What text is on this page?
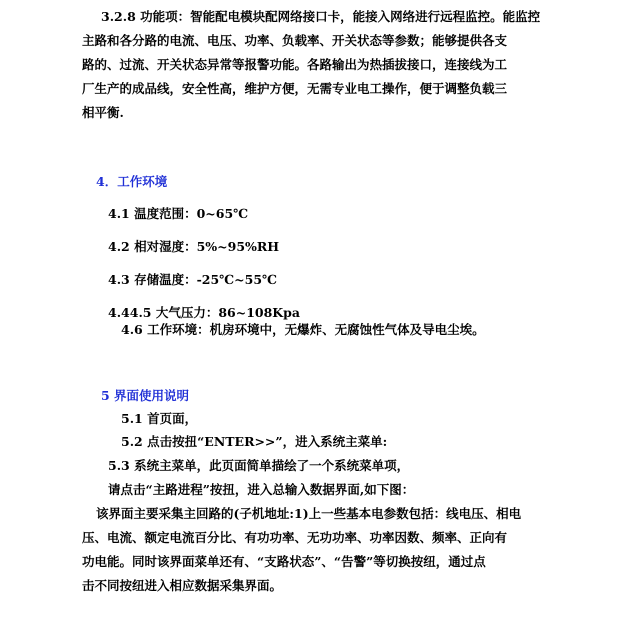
3.2.8 功能项：智能配电模块配网络接口卡，能接入网络进行远程监控。能监控
主路和各分路的电流、电压、功率、负载率、开关状态等参数；能够提供各支
路的、过流、开关状态异常等报警功能。各路输出为热插拔接口，连接线为工
厂生产的成品线，安全性高，维护方便，无需专业电工操作，便于调整负载三
相平衡.
4．工作环境
4.1 温度范围：0~65℃
4.2 相对湿度：5%~95%RH
4.3 存储温度：-25℃~55℃
4.44.5 大气压力：86~108Kpa
4.6 工作环境：机房环境中，无爆炸、无腐蚀性气体及导电尘埃。
5 界面使用说明
5.1 首页面，
5.2 点击按扭“ENTER>>”，进入系统主菜单:
5.3 系统主菜单，此页面简单描绘了一个系统菜单项，
请点击“主路进程”按扭，进入总输入数据界面,如下图：
该界面主要采集主回路的(子机地址:1)上一些基本电参数包括：线电压、相电
压、电流、额定电流百分比、有功功率、无功功率、功率因数、频率、正向有
功电能。同时该界面菜单还有、“支路状态”、“告警”等切换按纽，通过点
击不同按纽进入相应数据采集界面。
